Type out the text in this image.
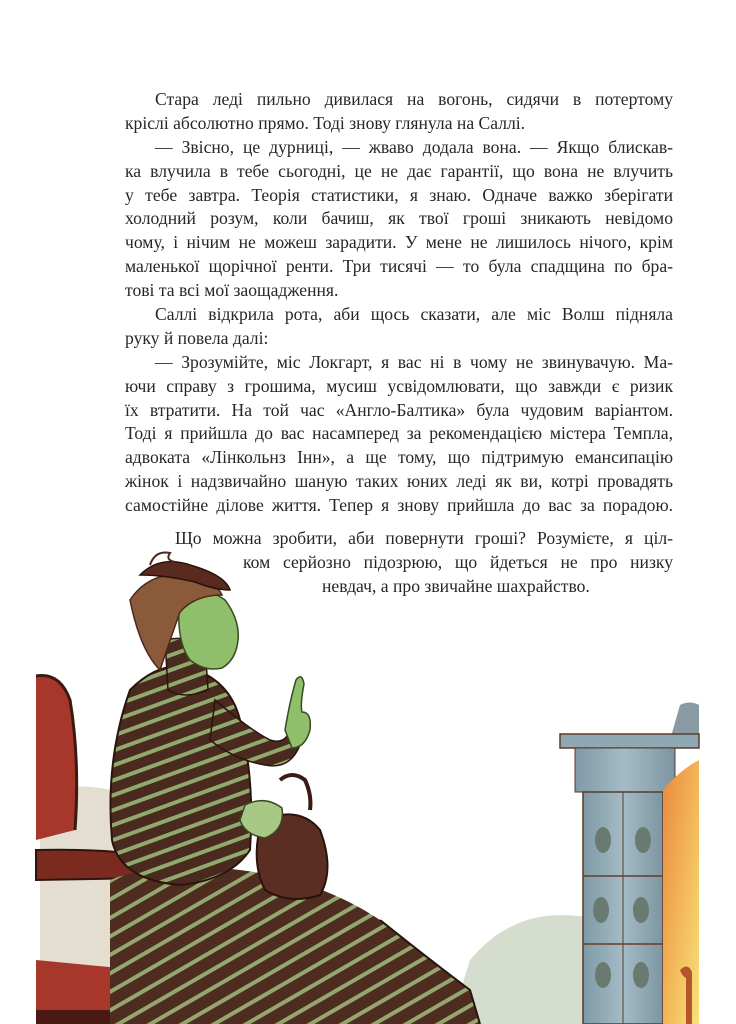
Стара леді пильно дивилася на вогонь, сидячи в потертому
кріслі абсолютно прямо. Тоді знову глянула на Саллі.
— Звісно, це дурниці, — жваво додала вона. — Якщо блискав-
ка влучила в тебе сьогодні, це не дає гарантії, що вона не влучить
у тебе завтра. Теорія статистики, я знаю. Одначе важко зберігати
холодний розум, коли бачиш, як твої гроші зникають невідомо
чому, і нічим не можеш зарадити. У мене не лишилось нічого, крім
маленької щорічної ренти. Три тисячі — то була спадщина по бра-
тові та всі мої заощадження.
Саллі відкрила рота, аби щось сказати, але міс Волш підняла
руку й повела далі:
— Зрозумійте, міс Локгарт, я вас ні в чому не звинувачую. Ма-
ючи справу з грошима, мусиш усвідомлювати, що завжди є ризик
їх втратити. На той час «Англо-Балтика» була чудовим варіантом.
Тоді я прийшла до вас насамперед за рекомендацією містера Темпла,
адвоката «Лінкольнз Інн», а ще тому, що підтримую емансипацію
жінок і надзвичайно шаную таких юних леді як ви, котрі провадять
самостійне ділове життя. Тепер я знову прийшла до вас за порадою.
Що можна зробити, аби повернути гроші? Розумієте, я ціл-
ком серйозно підозрюю, що йдеться не про низку
невдач, а про звичайне шахрайство.
